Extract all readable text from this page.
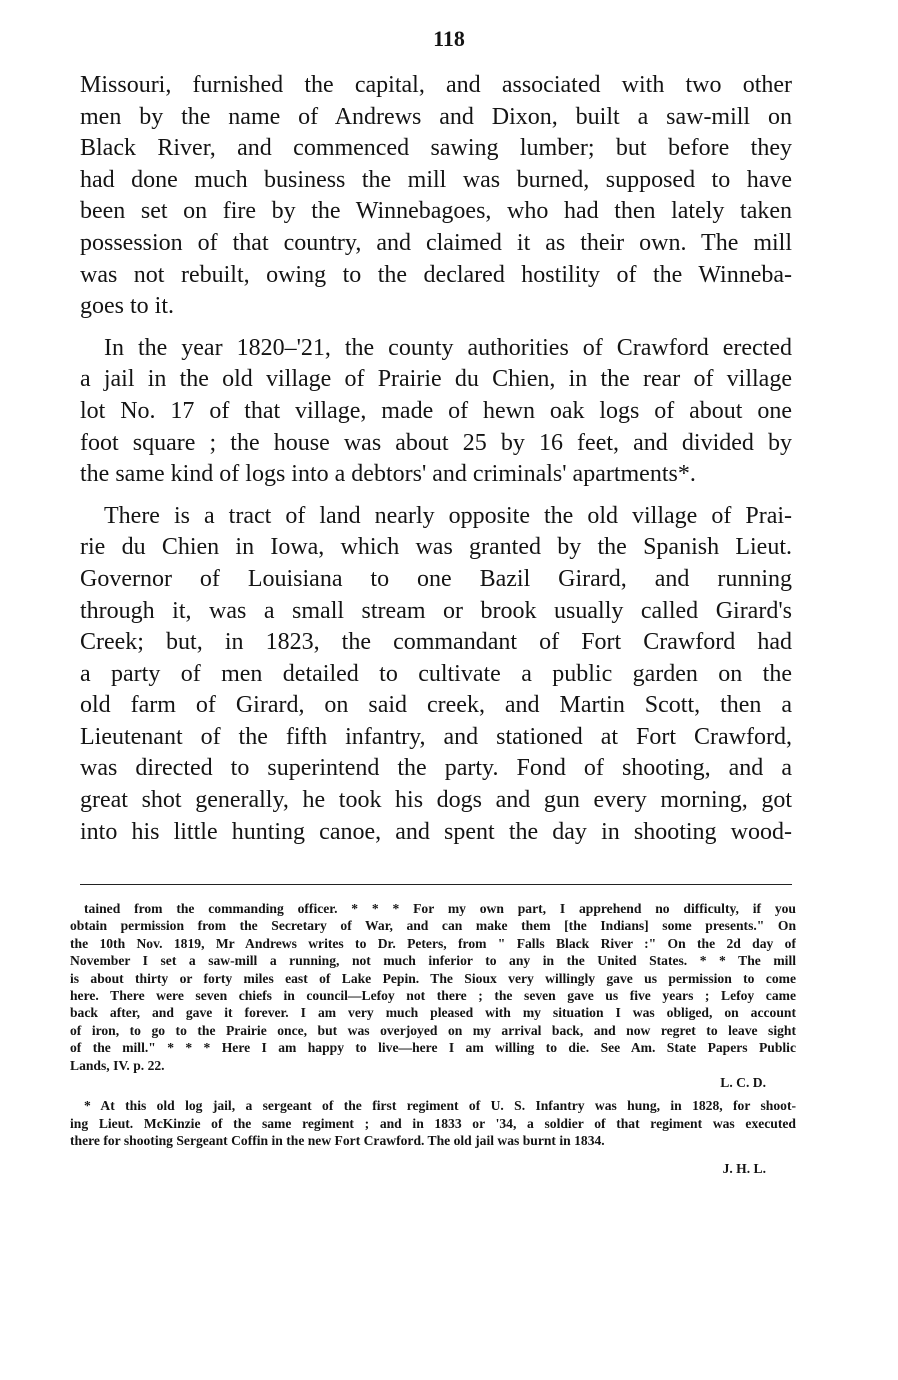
118

Missouri, furnished the capital, and associated with two other
men by the name of Andrews and Dixon, built a saw-mill on
Black River, and commenced sawing lumber; but before they
had done much business the mill was burned, supposed to have
been set on fire by the Winnebagoes, who had then lately taken
possession of that country, and claimed it as their own. The mill
was not rebuilt, owing to the declared hostility of the Winneba-
goes to it.

In the year 1820–'21, the county authorities of Crawford erected
a jail in the old village of Prairie du Chien, in the rear of village
lot No. 17 of that village, made of hewn oak logs of about one
foot square ; the house was about 25 by 16 feet, and divided by
the same kind of logs into a debtors' and criminals' apartments*.

There is a tract of land nearly opposite the old village of Prai-
rie du Chien in Iowa, which was granted by the Spanish Lieut.
Governor of Louisiana to one Bazil Girard, and running
through it, was a small stream or brook usually called Girard's
Creek; but, in 1823, the commandant of Fort Crawford had
a party of men detailed to cultivate a public garden on the
old farm of Girard, on said creek, and Martin Scott, then a
Lieutenant of the fifth infantry, and stationed at Fort Crawford,
was directed to superintend the party. Fond of shooting, and a
great shot generally, he took his dogs and gun every morning, got
into his little hunting canoe, and spent the day in shooting wood-

tained from the commanding officer. * * * For my own part, I apprehend no difficulty, if you
obtain permission from the Secretary of War, and can make them [the Indians] some presents." On
the 10th Nov. 1819, Mr Andrews writes to Dr. Peters, from " Falls Black River :" On the 2d day of
November I set a saw-mill a running, not much inferior to any in the United States. * * The mill
is about thirty or forty miles east of Lake Pepin. The Sioux very willingly gave us permission to come
here. There were seven chiefs in council—Lefoy not there ; the seven gave us five years ; Lefoy came
back after, and gave it forever. I am very much pleased with my situation I was obliged, on account
of iron, to go to the Prairie once, but was overjoyed on my arrival back, and now regret to leave sight
of the mill." * * * Here I am happy to live—here I am willing to die. See Am. State Papers Public
Lands, IV. p. 22.
L. C. D.
* At this old log jail, a sergeant of the first regiment of U. S. Infantry was hung, in 1828, for shoot-
ing Lieut. McKinzie of the same regiment ; and in 1833 or '34, a soldier of that regiment was executed
there for shooting Sergeant Coffin in the new Fort Crawford. The old jail was burnt in 1834.
J. H. L.
